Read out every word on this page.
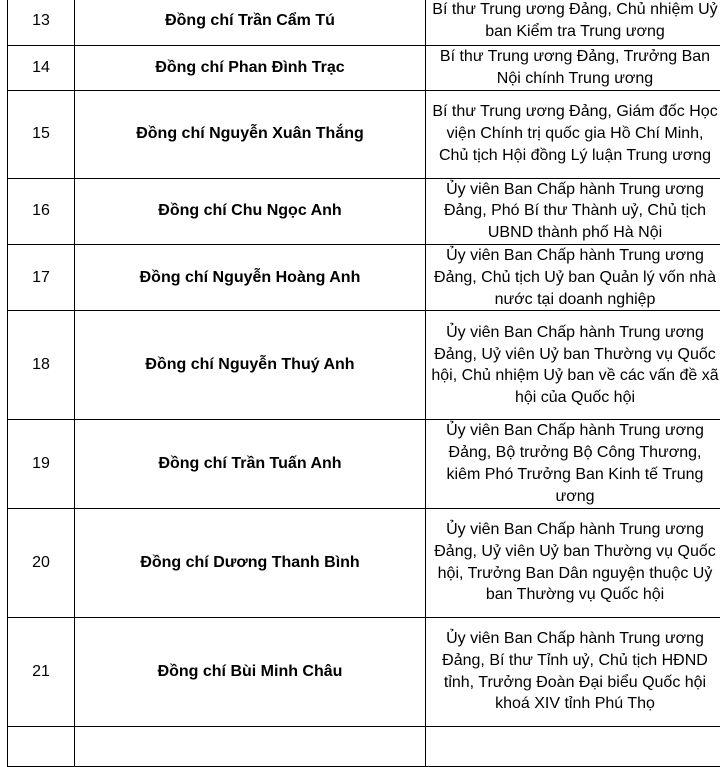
13	Đồng chí Trần Cẩm Tú	Bí thư Trung ương Đảng, Chủ nhiệm Uỷ ban Kiểm tra Trung ương

14	Đồng chí Phan Đình Trạc	Bí thư Trung ương Đảng, Trưởng Ban Nội chính Trung ương

15	Đồng chí Nguyễn Xuân Thắng	Bí thư Trung ương Đảng, Giám đốc Học viện Chính trị quốc gia Hồ Chí Minh, Chủ tịch Hội đồng Lý luận Trung ương

16	Đồng chí Chu Ngọc Anh	Ủy viên Ban Chấp hành Trung ương Đảng, Phó Bí thư Thành uỷ, Chủ tịch UBND thành phố Hà Nội

17	Đồng chí Nguyễn Hoàng Anh	Ủy viên Ban Chấp hành Trung ương Đảng, Chủ tịch Uỷ ban Quản lý vốn nhà nước tại doanh nghiệp

18	Đồng chí Nguyễn Thuý Anh	Ủy viên Ban Chấp hành Trung ương Đảng, Uỷ viên Uỷ ban Thường vụ Quốc hội, Chủ nhiệm Uỷ ban về các vấn đề xã hội của Quốc hội

19	Đồng chí Trần Tuấn Anh	Ủy viên Ban Chấp hành Trung ương Đảng, Bộ trưởng Bộ Công Thương, kiêm Phó Trưởng Ban Kinh tế Trung ương

20	Đồng chí Dương Thanh Bình	Ủy viên Ban Chấp hành Trung ương Đảng, Uỷ viên Uỷ ban Thường vụ Quốc hội, Trưởng Ban Dân nguyện thuộc Uỷ ban Thường vụ Quốc hội

21	Đồng chí Bùi Minh Châu	Ủy viên Ban Chấp hành Trung ương Đảng, Bí thư Tỉnh uỷ, Chủ tịch HĐND tỉnh, Trưởng Đoàn Đại biểu Quốc hội khoá XIV tỉnh Phú Thọ
